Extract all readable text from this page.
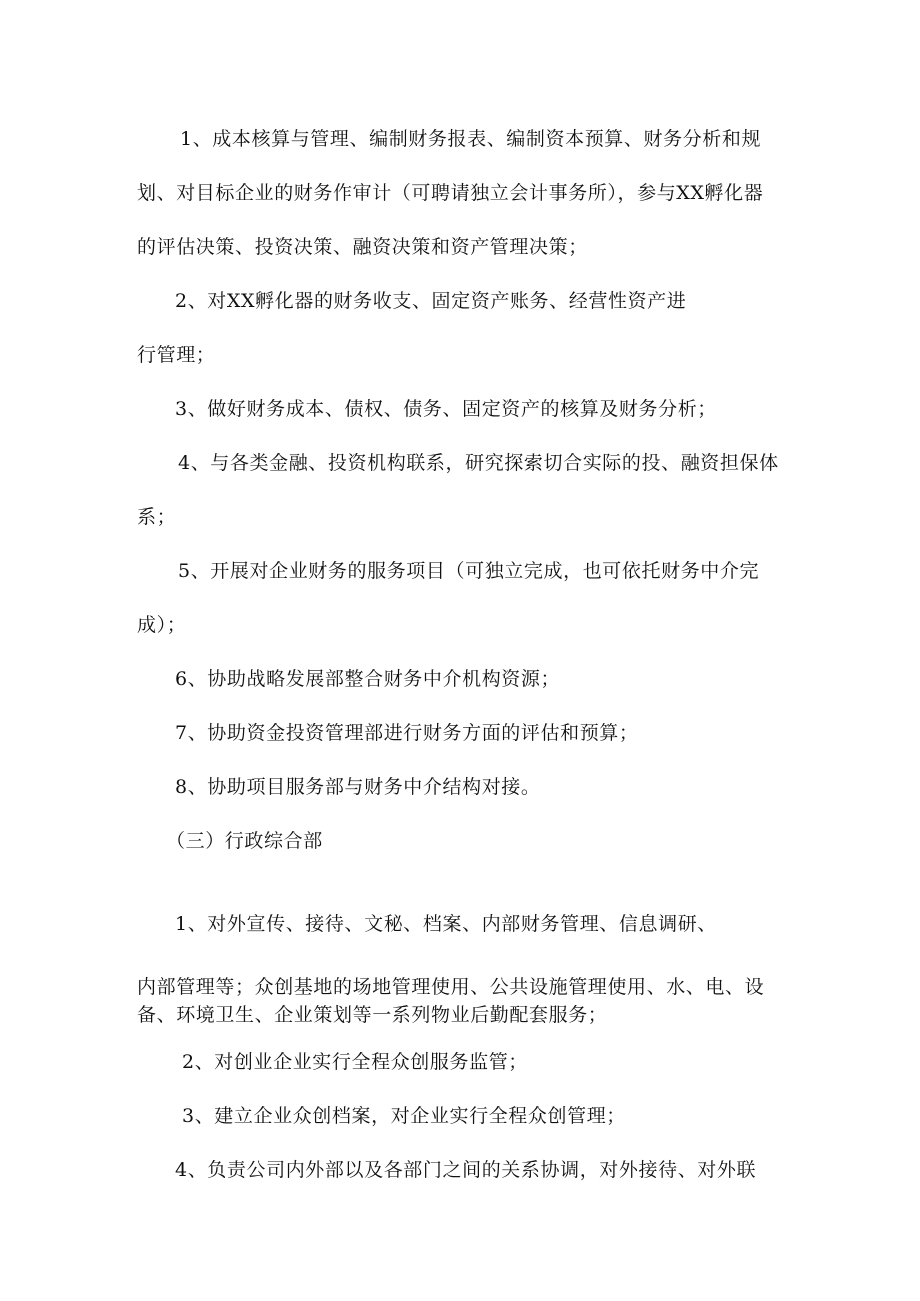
1、成本核算与管理、编制财务报表、编制资本预算、财务分析和规

划、对目标企业的财务作审计（可聘请独立会计事务所），参与XX孵化器

的评估决策、投资决策、融资决策和资产管理决策；

2、对XX孵化器的财务收支、固定资产账务、经营性资产进

行管理；

3、做好财务成本、债权、债务、固定资产的核算及财务分析；

4、与各类金融、投资机构联系，研究探索切合实际的投、融资担保体

系；

5、开展对企业财务的服务项目（可独立完成，也可依托财务中介完

成）；

6、协助战略发展部整合财务中介机构资源；

7、协助资金投资管理部进行财务方面的评估和预算；

8、协助项目服务部与财务中介结构对接。

（三）行政综合部

1、对外宣传、接待、文秘、档案、内部财务管理、信息调研、

内部管理等；众创基地的场地管理使用、公共设施管理使用、水、电、设

备、环境卫生、企业策划等一系列物业后勤配套服务；

2、对创业企业实行全程众创服务监管；

3、建立企业众创档案，对企业实行全程众创管理；

4、负责公司内外部以及各部门之间的关系协调，对外接待、对外联
